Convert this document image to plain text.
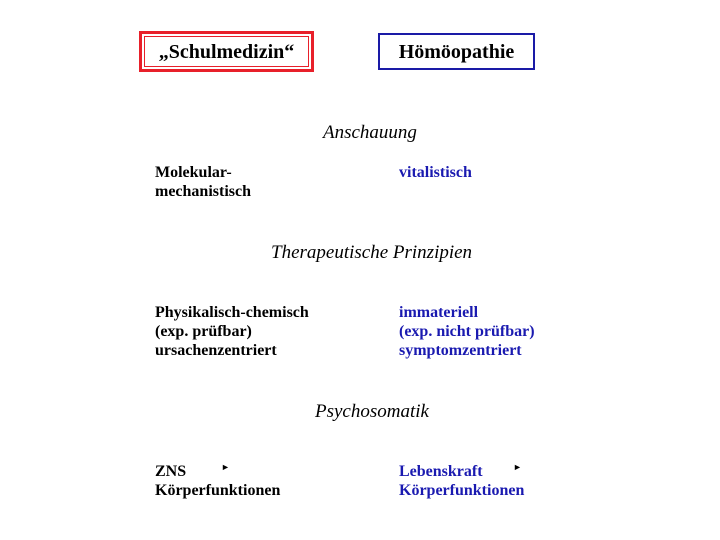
„Schulmedizin“	Hömöopathie
Anschauung
Molekular-
mechanistisch
vitalistisch
Therapeutische Prinzipien
Physikalisch-chemisch
(exp. prüfbar)
ursachenzentriert
immateriell
(exp. nicht prüfbar)
symptomzentriert
Psychosomatik
ZNS
Körperfunktionen
►	Lebenskraft
Körperfunktionen
►
